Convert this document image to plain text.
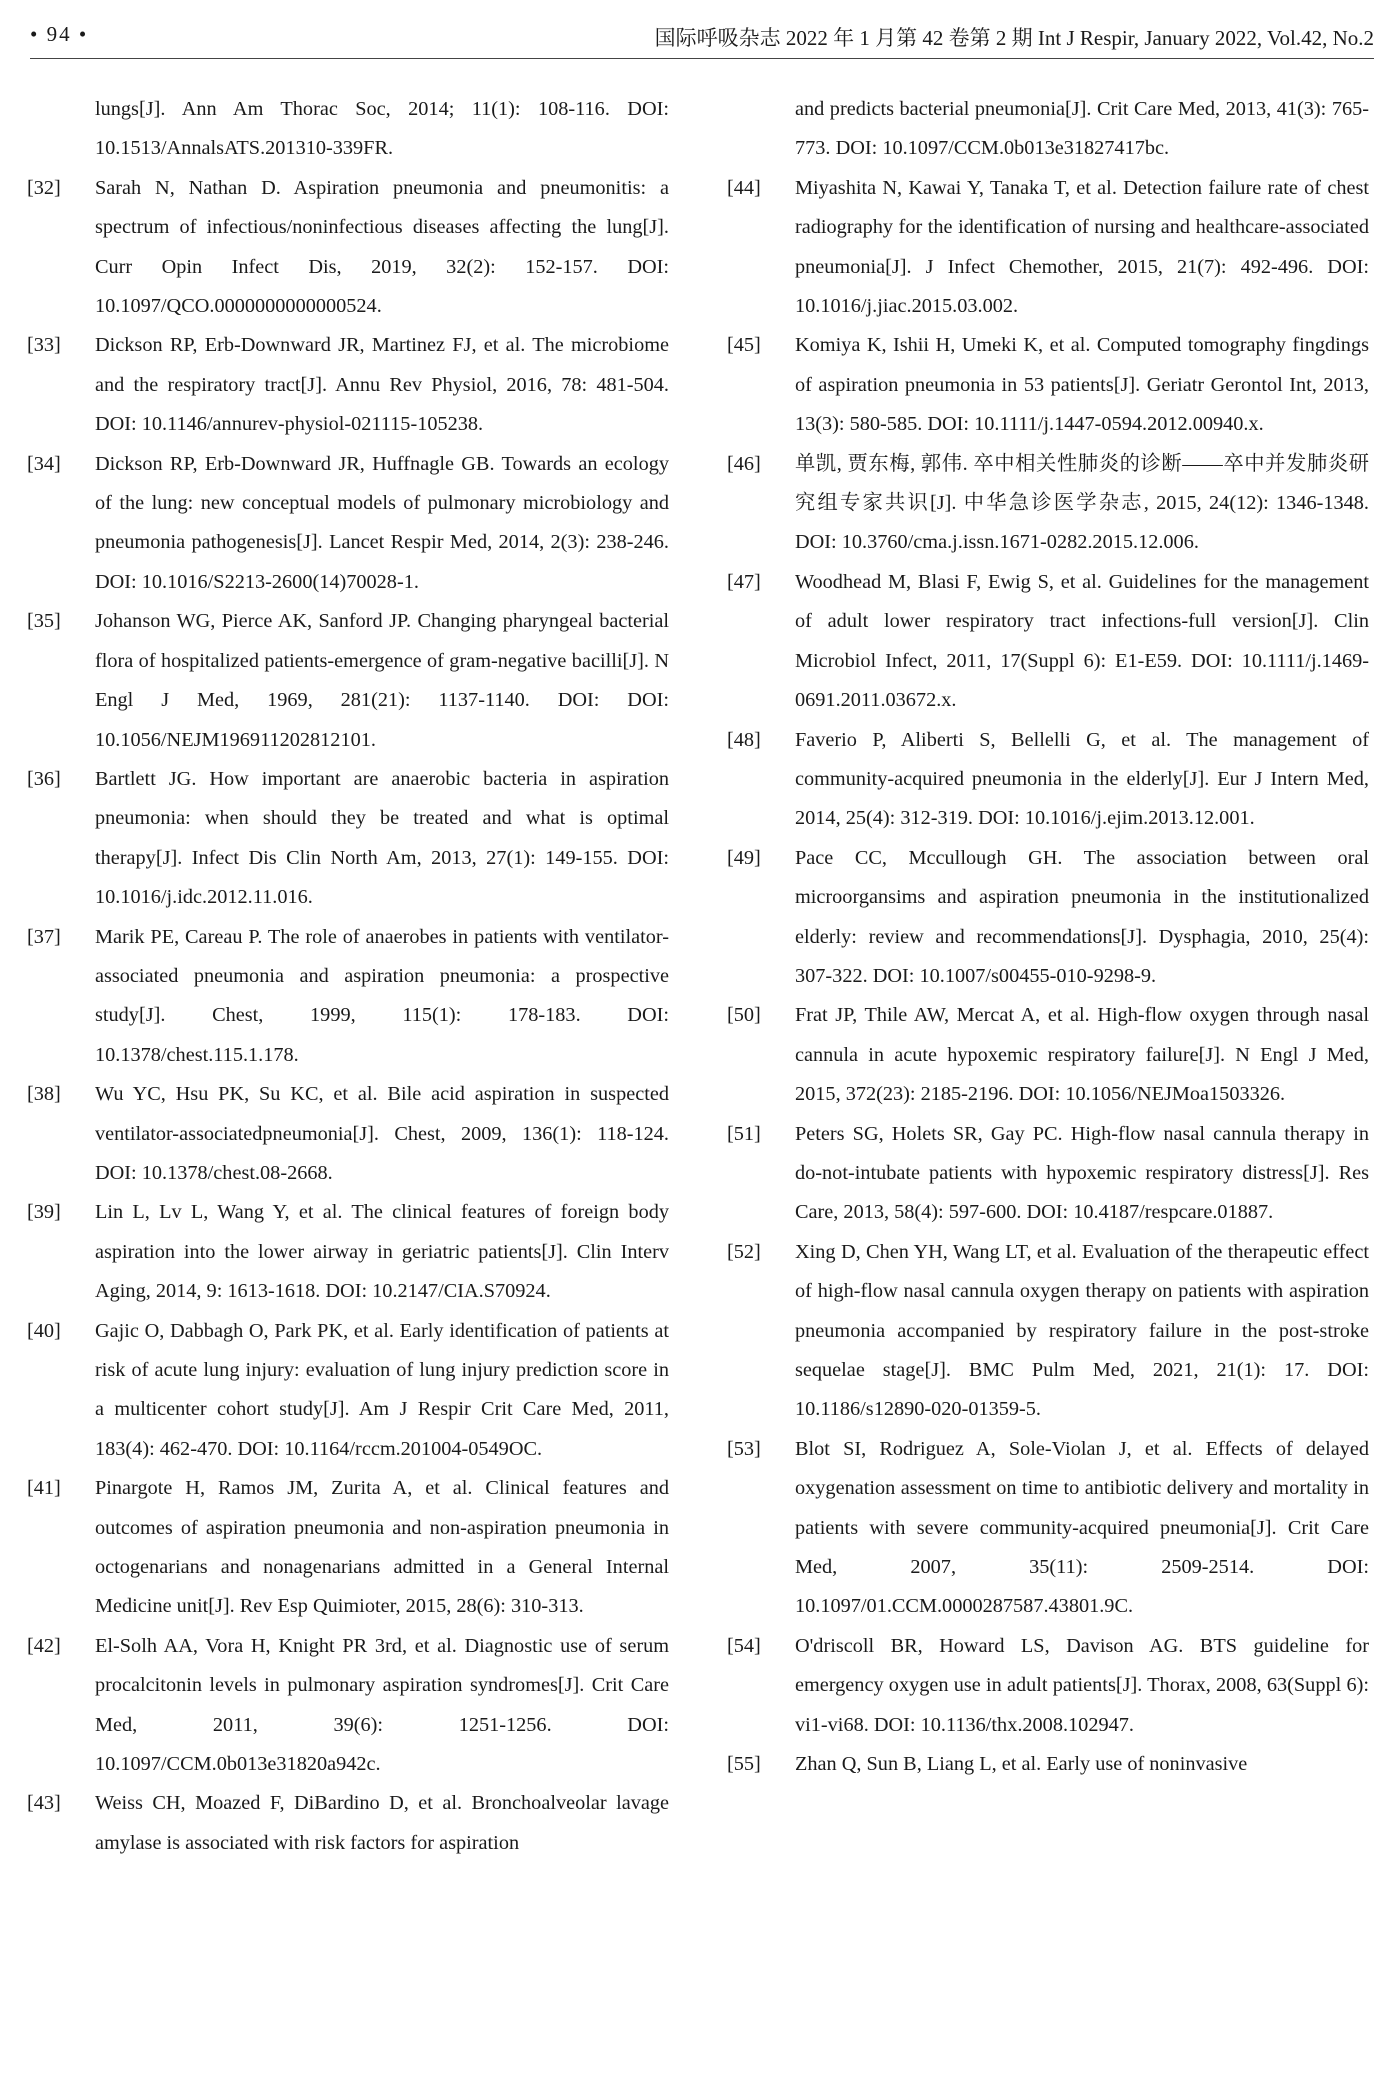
• 94 •	国际呼吸杂志 2022 年 1 月第 42 卷第 2 期 Int J Respir, January 2022, Vol.42, No.2
lungs[J]. Ann Am Thorac Soc, 2014; 11(1): 108-116. DOI: 10.1513/AnnalsATS.201310-339FR.
[32] Sarah N, Nathan D. Aspiration pneumonia and pneumonitis: a spectrum of infectious/noninfectious diseases affecting the lung[J]. Curr Opin Infect Dis, 2019, 32(2): 152-157. DOI: 10.1097/QCO.0000000000000524.
[33] Dickson RP, Erb-Downward JR, Martinez FJ, et al. The microbiome and the respiratory tract[J]. Annu Rev Physiol, 2016, 78: 481-504. DOI: 10.1146/annurev-physiol-021115-105238.
[34] Dickson RP, Erb-Downward JR, Huffnagle GB. Towards an ecology of the lung: new conceptual models of pulmonary microbiology and pneumonia pathogenesis[J]. Lancet Respir Med, 2014, 2(3): 238-246. DOI: 10.1016/S2213-2600(14)70028-1.
[35] Johanson WG, Pierce AK, Sanford JP. Changing pharyngeal bacterial flora of hospitalized patients-emergence of gram-negative bacilli[J]. N Engl J Med, 1969, 281(21): 1137-1140. DOI: DOI: 10.1056/NEJM196911202812101.
[36] Bartlett JG. How important are anaerobic bacteria in aspiration pneumonia: when should they be treated and what is optimal therapy[J]. Infect Dis Clin North Am, 2013, 27(1): 149-155. DOI: 10.1016/j.idc.2012.11.016.
[37] Marik PE, Careau P. The role of anaerobes in patients with ventilator-associated pneumonia and aspiration pneumonia: a prospective study[J]. Chest, 1999, 115(1): 178-183. DOI: 10.1378/chest.115.1.178.
[38] Wu YC, Hsu PK, Su KC, et al. Bile acid aspiration in suspected ventilator-associatedpneumonia[J]. Chest, 2009, 136(1): 118-124. DOI: 10.1378/chest.08-2668.
[39] Lin L, Lv L, Wang Y, et al. The clinical features of foreign body aspiration into the lower airway in geriatric patients[J]. Clin Interv Aging, 2014, 9: 1613-1618. DOI: 10.2147/CIA.S70924.
[40] Gajic O, Dabbagh O, Park PK, et al. Early identification of patients at risk of acute lung injury: evaluation of lung injury prediction score in a multicenter cohort study[J]. Am J Respir Crit Care Med, 2011, 183(4): 462-470. DOI: 10.1164/rccm.201004-0549OC.
[41] Pinargote H, Ramos JM, Zurita A, et al. Clinical features and outcomes of aspiration pneumonia and non-aspiration pneumonia in octogenarians and nonagenarians admitted in a General Internal Medicine unit[J]. Rev Esp Quimioter, 2015, 28(6): 310-313.
[42] El-Solh AA, Vora H, Knight PR 3rd, et al. Diagnostic use of serum procalcitonin levels in pulmonary aspiration syndromes[J]. Crit Care Med, 2011, 39(6): 1251-1256. DOI: 10.1097/CCM.0b013e31820a942c.
[43] Weiss CH, Moazed F, DiBardino D, et al. Bronchoalveolar lavage amylase is associated with risk factors for aspiration
and predicts bacterial pneumonia[J]. Crit Care Med, 2013, 41(3): 765-773. DOI: 10.1097/CCM.0b013e31827417bc.
[44] Miyashita N, Kawai Y, Tanaka T, et al. Detection failure rate of chest radiography for the identification of nursing and healthcare-associated pneumonia[J]. J Infect Chemother, 2015, 21(7): 492-496. DOI: 10.1016/j.jiac.2015.03.002.
[45] Komiya K, Ishii H, Umeki K, et al. Computed tomography fingdings of aspiration pneumonia in 53 patients[J]. Geriatr Gerontol Int, 2013, 13(3): 580-585. DOI: 10.1111/j.1447-0594.2012.00940.x.
[46] 单凯, 贾东梅, 郭伟. 卒中相关性肺炎的诊断——卒中并发肺炎研究组专家共识[J]. 中华急诊医学杂志, 2015, 24(12): 1346-1348. DOI: 10.3760/cma.j.issn.1671-0282.2015.12.006.
[47] Woodhead M, Blasi F, Ewig S, et al. Guidelines for the management of adult lower respiratory tract infections-full version[J]. Clin Microbiol Infect, 2011, 17(Suppl 6): E1-E59. DOI: 10.1111/j.1469-0691.2011.03672.x.
[48] Faverio P, Aliberti S, Bellelli G, et al. The management of community-acquired pneumonia in the elderly[J]. Eur J Intern Med, 2014, 25(4): 312-319. DOI: 10.1016/j.ejim.2013.12.001.
[49] Pace CC, Mccullough GH. The association between oral microorgansims and aspiration pneumonia in the institutionalized elderly: review and recommendations[J]. Dysphagia, 2010, 25(4): 307-322. DOI: 10.1007/s00455-010-9298-9.
[50] Frat JP, Thile AW, Mercat A, et al. High-flow oxygen through nasal cannula in acute hypoxemic respiratory failure[J]. N Engl J Med, 2015, 372(23): 2185-2196. DOI: 10.1056/NEJMoa1503326.
[51] Peters SG, Holets SR, Gay PC. High-flow nasal cannula therapy in do-not-intubate patients with hypoxemic respiratory distress[J]. Res Care, 2013, 58(4): 597-600. DOI: 10.4187/respcare.01887.
[52] Xing D, Chen YH, Wang LT, et al. Evaluation of the therapeutic effect of high-flow nasal cannula oxygen therapy on patients with aspiration pneumonia accompanied by respiratory failure in the post-stroke sequelae stage[J]. BMC Pulm Med, 2021, 21(1): 17. DOI: 10.1186/s12890-020-01359-5.
[53] Blot SI, Rodriguez A, Sole-Violan J, et al. Effects of delayed oxygenation assessment on time to antibiotic delivery and mortality in patients with severe community-acquired pneumonia[J]. Crit Care Med, 2007, 35(11): 2509-2514. DOI: 10.1097/01.CCM.0000287587.43801.9C.
[54] O'driscoll BR, Howard LS, Davison AG. BTS guideline for emergency oxygen use in adult patients[J]. Thorax, 2008, 63(Suppl 6): vi1-vi68. DOI: 10.1136/thx.2008.102947.
[55] Zhan Q, Sun B, Liang L, et al. Early use of noninvasive
